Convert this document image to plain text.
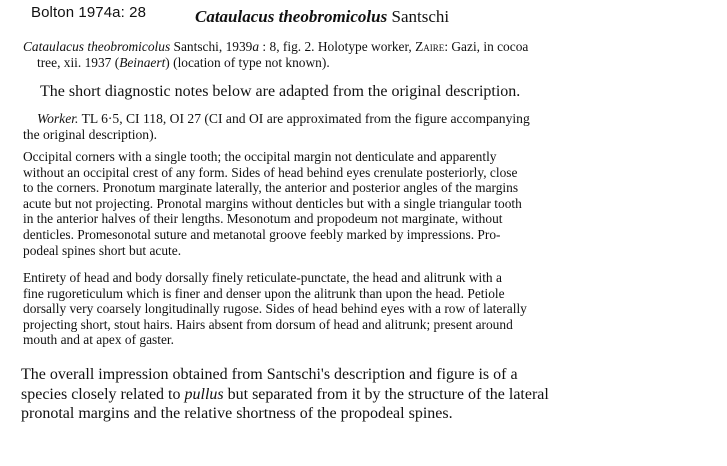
Bolton 1974a: 28	Cataulacus theobromicolus Santschi
Cataulacus theobromicolus Santschi, 1939a : 8, fig. 2. Holotype worker, Zaire: Gazi, in cocoa
tree, xii. 1937 (Beinaert) (location of type not known).
The short diagnostic notes below are adapted from the original description.
Worker. TL 6·5, CI 118, OI 27 (CI and OI are approximated from the figure accompanying
the original description).
Occipital corners with a single tooth; the occipital margin not denticulate and apparently
without an occipital crest of any form. Sides of head behind eyes crenulate posteriorly, close
to the corners. Pronotum marginate laterally, the anterior and posterior angles of the margins
acute but not projecting. Pronotal margins without denticles but with a single triangular tooth
in the anterior halves of their lengths. Mesonotum and propodeum not marginate, without
denticles. Promesonotal suture and metanotal groove feebly marked by impressions. Pro-
podeal spines short but acute.
Entirety of head and body dorsally finely reticulate-punctate, the head and alitrunk with a
fine rugoreticulum which is finer and denser upon the alitrunk than upon the head. Petiole
dorsally very coarsely longitudinally rugose. Sides of head behind eyes with a row of laterally
projecting short, stout hairs. Hairs absent from dorsum of head and alitrunk; present around
mouth and at apex of gaster.
The overall impression obtained from Santschi's description and figure is of a
species closely related to pullus but separated from it by the structure of the lateral
pronotal margins and the relative shortness of the propodeal spines.
